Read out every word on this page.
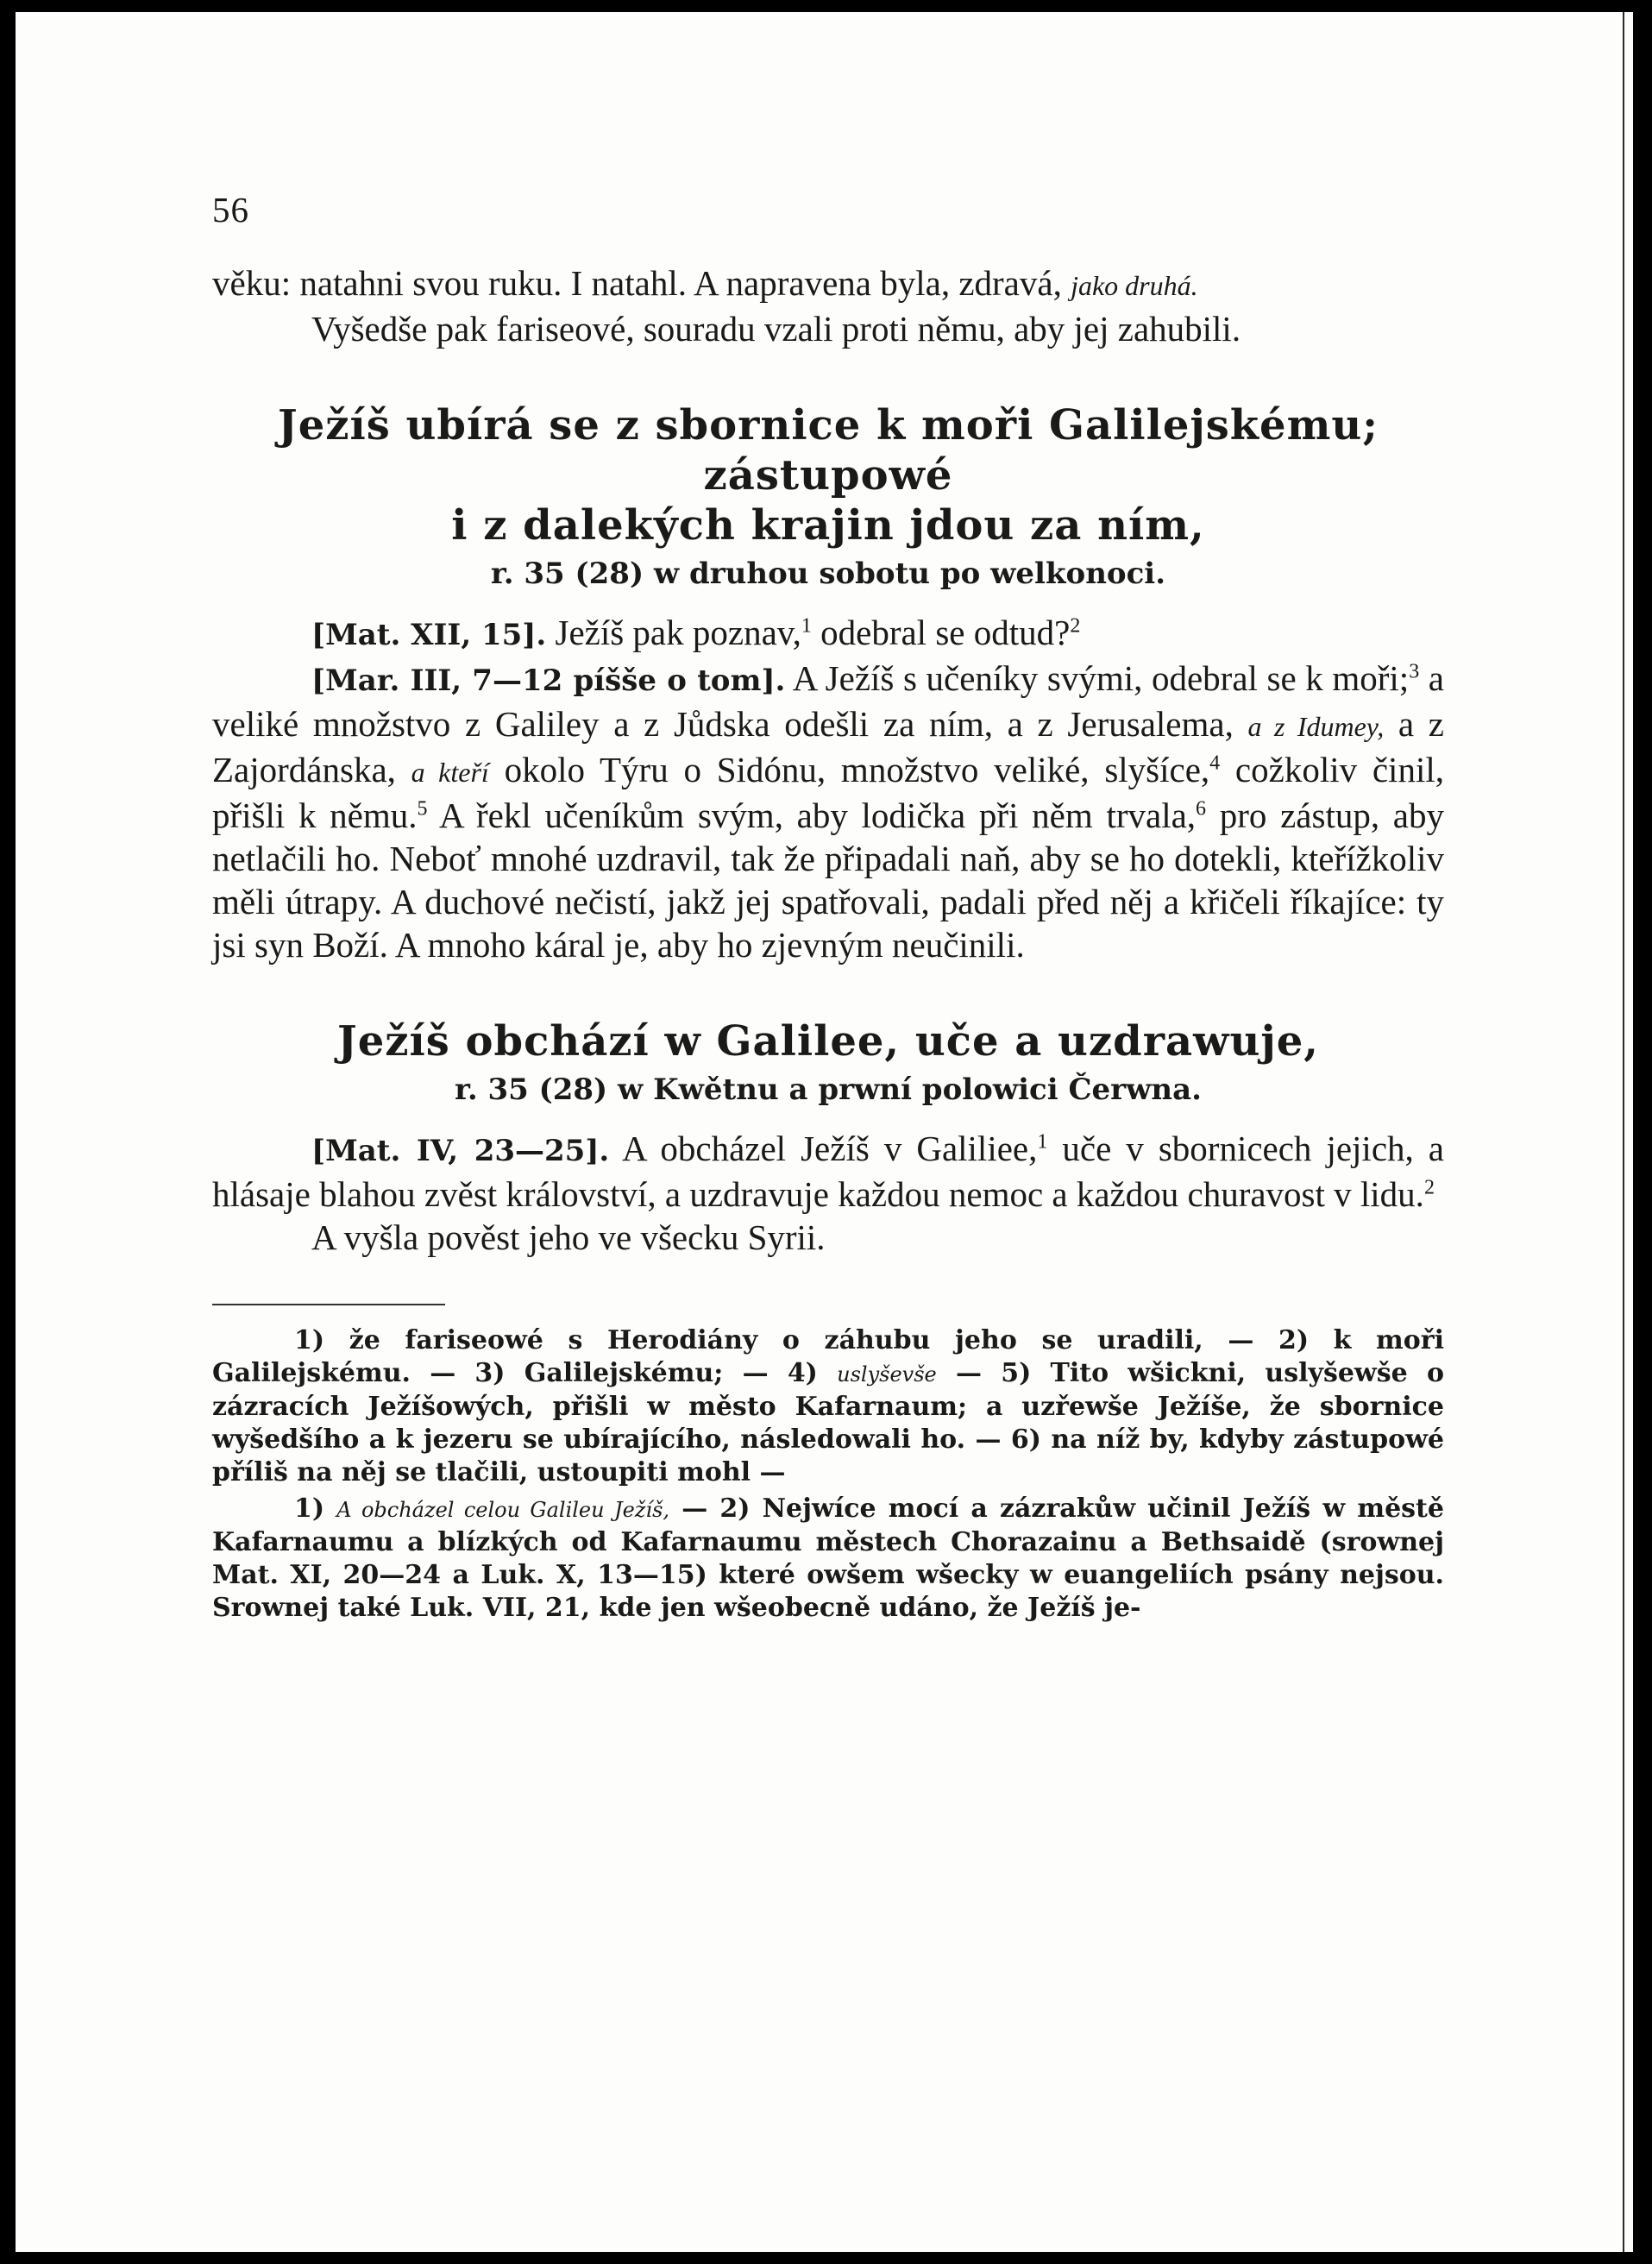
56

věku: natahni svou ruku. I natahl. A napravena byla, zdravá, jako druhá.

Vyšedše pak fariseové, souradu vzali proti němu, aby jej zahubili.

Ježíš ubírá se z sbornice k moři Galilejskému; zástupowé
i z dalekých krajin jdou za ním,
r. 35 (28) w druhou sobotu po welkonoci.

[Mat. XII, 15]. Ježíš pak poznav,$^1$ odebral se odtud?$^2$

[Mar. III, 7—12 píšše o tom]. A Ježíš s učeníky svými, odebral se k moři;$^3$ a veliké množstvo z Galiley a z Jůdska odešli za ním, a z Jerusalema, a z Idumey, a z Zajordánska, a kteří okolo Týru o Sidónu, množstvo veliké, slyšíce,$^4$ cožkoliv činil, přišli k němu.$^5$ A řekl učeníkům svým, aby lodička při něm trvala,$^6$ pro zástup, aby netlačili ho. Neboť mnohé uzdravil, tak že připadali naň, aby se ho dotekli, kteřížkoliv měli útrapy. A duchové nečistí, jakž jej spatřovali, padali před něj a křičeli říkajíce: ty jsi syn Boží. A mnoho káral je, aby ho zjevným neučinili.

Ježíš obchází w Galilee, uče a uzdrawuje,
r. 35 (28) w Kwětnu a prwní polowici Čerwna.

[Mat. IV, 23—25]. A obcházel Ježíš v Galiliee,$^1$ uče v sbornicech jejich, a hlásaje blahou zvěst království, a uzdravuje každou nemoc a každou churavost v lidu.$^2$

A vyšla pověst jeho ve všecku Syrii.

1) že fariseowé s Herodiány o záhubu jeho se uradili, — 2) k moři Galilejskému. — 3) Galilejskému; — 4) uslyševše — 5) Tito wšickni, uslyšewše o zázracích Ježíšowých, přišli w město Kafarnaum; a uzřewše Ježíše, že sbornice wyšedšího a k jezeru se ubírajícího, následowali ho. — 6) na níž by, kdyby zástupowé příliš na něj se tlačili, ustoupiti mohl —

1) A obcházel celou Galileu Ježíš, — 2) Nejwíce mocí a zázrakůw učinil Ježíš w městě Kafarnaumu a blízkých od Kafarnaumu městech Chorazainu a Bethsaidě (srownej Mat. XI, 20—24 a Luk. X, 13—15) které owšem wšecky w euangeliích psány nejsou. Srownej také Luk. VII, 21, kde jen wšeobecně udáno, že Ježíš je-
